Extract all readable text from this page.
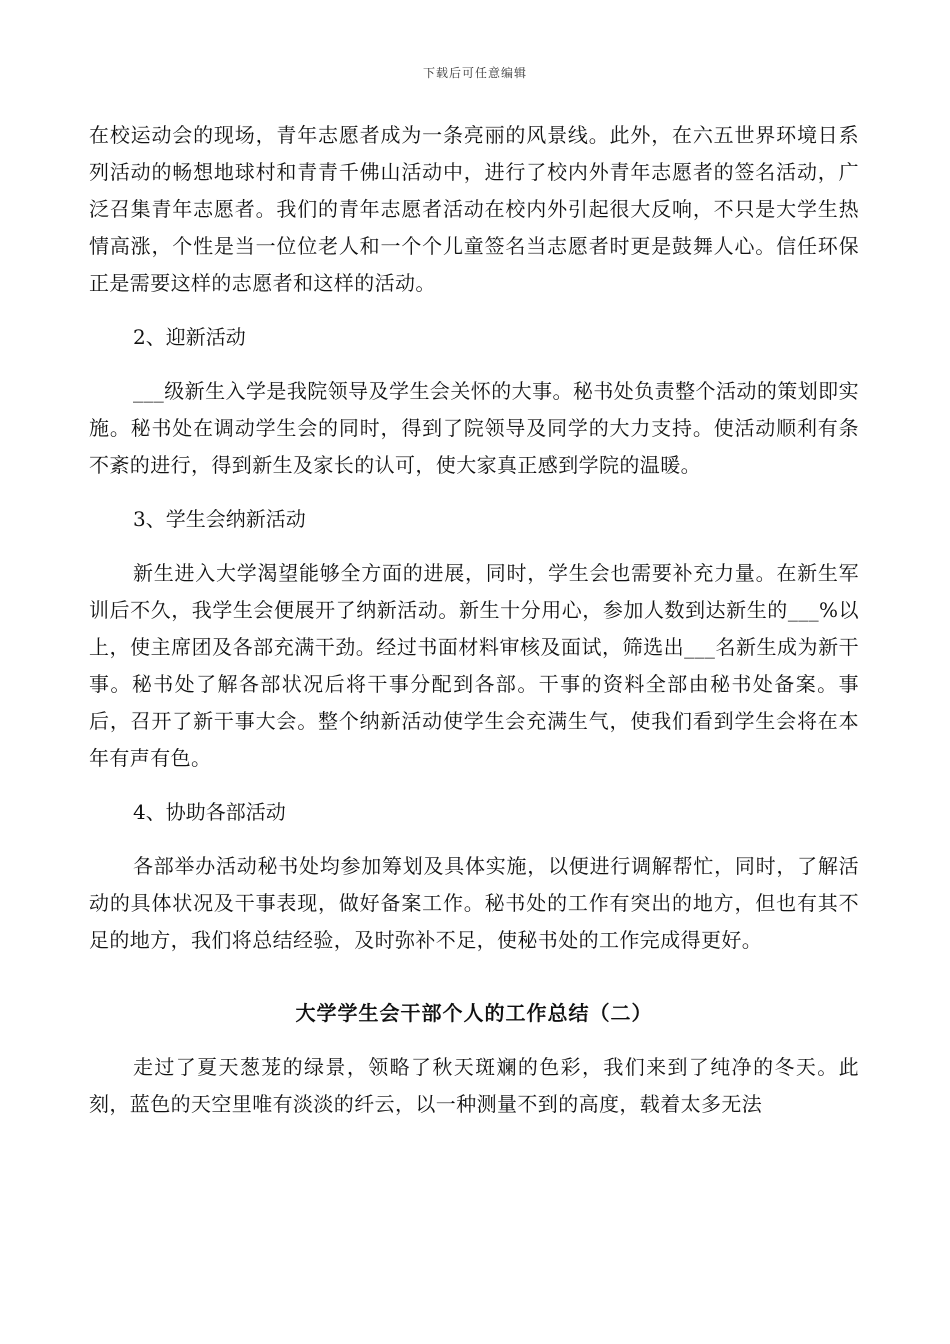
下载后可任意编辑

在校运动会的现场，青年志愿者成为一条亮丽的风景线。此外，在六五世界环境日系列活动的畅想地球村和青青千佛山活动中，进行了校内外青年志愿者的签名活动，广泛召集青年志愿者。我们的青年志愿者活动在校内外引起很大反响，不只是大学生热情高涨，个性是当一位位老人和一个个儿童签名当志愿者时更是鼓舞人心。信任环保正是需要这样的志愿者和这样的活动。

2、迎新活动

___级新生入学是我院领导及学生会关怀的大事。秘书处负责整个活动的策划即实施。秘书处在调动学生会的同时，得到了院领导及同学的大力支持。使活动顺利有条不紊的进行，得到新生及家长的认可，使大家真正感到学院的温暖。

3、学生会纳新活动

新生进入大学渴望能够全方面的进展，同时，学生会也需要补充力量。在新生军训后不久，我学生会便展开了纳新活动。新生十分用心，参加人数到达新生的___%以上，使主席团及各部充满干劲。经过书面材料审核及面试，筛选出___名新生成为新干事。秘书处了解各部状况后将干事分配到各部。干事的资料全部由秘书处备案。事后，召开了新干事大会。整个纳新活动使学生会充满生气，使我们看到学生会将在本年有声有色。

4、协助各部活动

各部举办活动秘书处均参加筹划及具体实施，以便进行调解帮忙，同时，了解活动的具体状况及干事表现，做好备案工作。秘书处的工作有突出的地方，但也有其不足的地方，我们将总结经验，及时弥补不足，使秘书处的工作完成得更好。

大学学生会干部个人的工作总结（二）

走过了夏天葱茏的绿景，领略了秋天斑斓的色彩，我们来到了纯净的冬天。此刻，蓝色的天空里唯有淡淡的纤云，以一种测量不到的高度，载着太多无法
